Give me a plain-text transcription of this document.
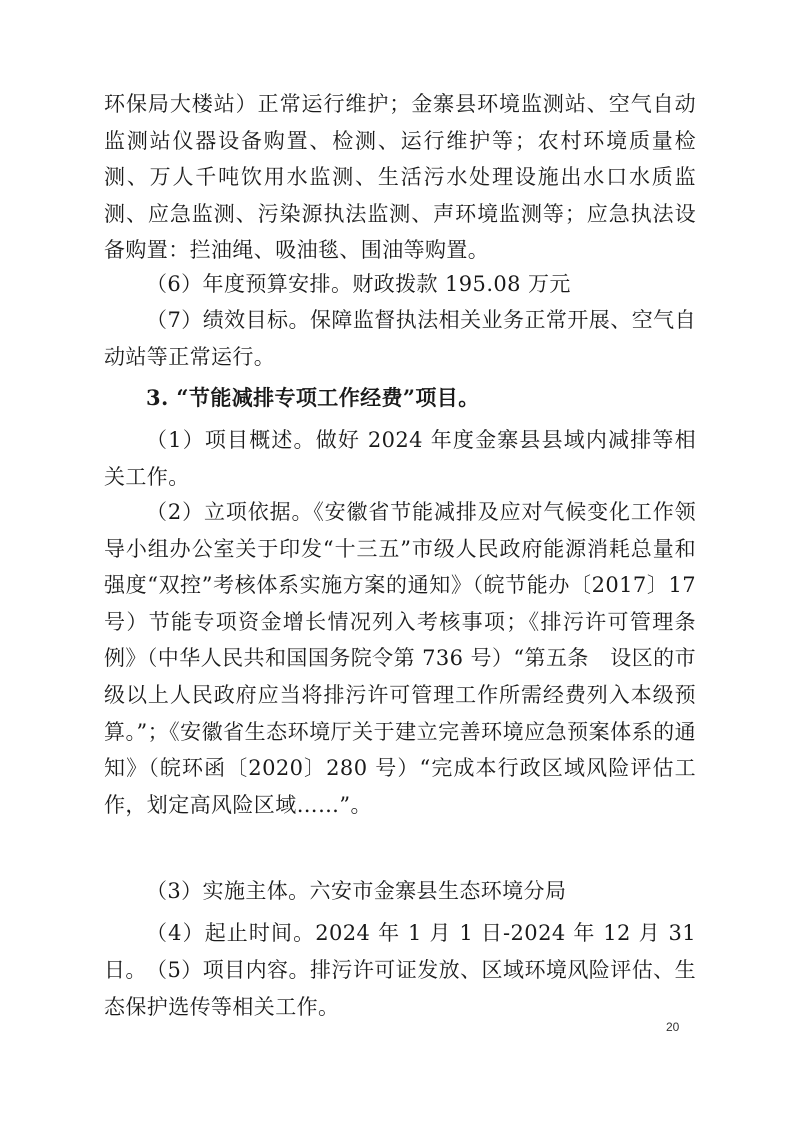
环保局大楼站）正常运行维护；金寨县环境监测站、空气自动监测站仪器设备购置、检测、运行维护等；农村环境质量检测、万人千吨饮用水监测、生活污水处理设施出水口水质监测、应急监测、污染源执法监测、声环境监测等；应急执法设备购置：拦油绳、吸油毯、围油等购置。

（6）年度预算安排。财政拨款 195.08 万元

（7）绩效目标。保障监督执法相关业务正常开展、空气自动站等正常运行。

3. “节能减排专项工作经费”项目。

（1）项目概述。做好 2024 年度金寨县县域内减排等相关工作。

（2）立项依据。《安徽省节能减排及应对气候变化工作领导小组办公室关于印发“十三五”市级人民政府能源消耗总量和强度“双控”考核体系实施方案的通知》（皖节能办〔2017〕17号）节能专项资金增长情况列入考核事项；《排污许可管理条例》（中华人民共和国国务院令第 736 号）“第五条　设区的市级以上人民政府应当将排污许可管理工作所需经费列入本级预算。”；《安徽省生态环境厅关于建立完善环境应急预案体系的通知》（皖环函〔2020〕280 号）“完成本行政区域风险评估工作，划定高风险区域……”。

（3）实施主体。六安市金寨县生态环境分局

（4）起止时间。2024 年 1 月 1 日-2024 年 12 月 31 日。 （5）项目内容。排污许可证发放、区域环境风险评估、生态保护选传等相关工作。

20
